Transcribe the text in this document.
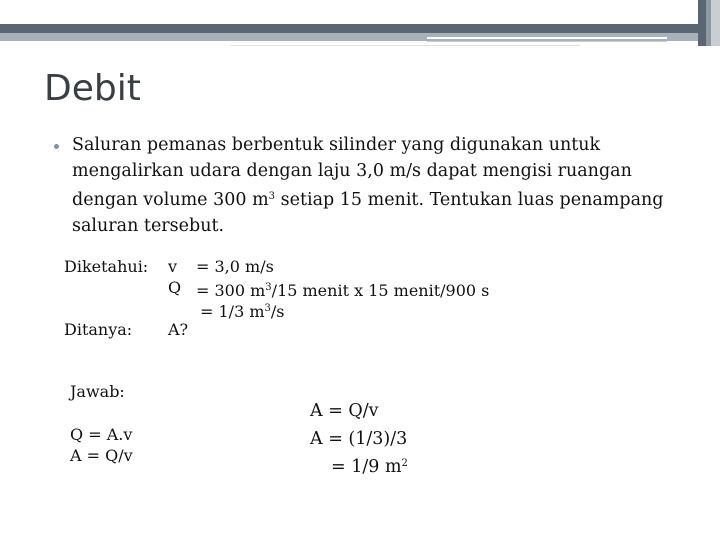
Debit
Saluran pemanas berbentuk silinder yang digunakan untuk
mengalirkan udara dengan laju 3,0 m/s dapat mengisi ruangan
dengan volume 300 $m^3$ setiap 15 menit. Tentukan luas penampang
saluran tersebut.
Diketahui: v = 3,0 m/s
Q = 300 $m^3/15$ menit x 15 menit/900 s
= 1/3 $m^3/s$
Ditanya: A?
Jawab:
Q = A.v
A = Q/v
A = Q/v
A = (1/3)/3
= 1/9 $m^2$
